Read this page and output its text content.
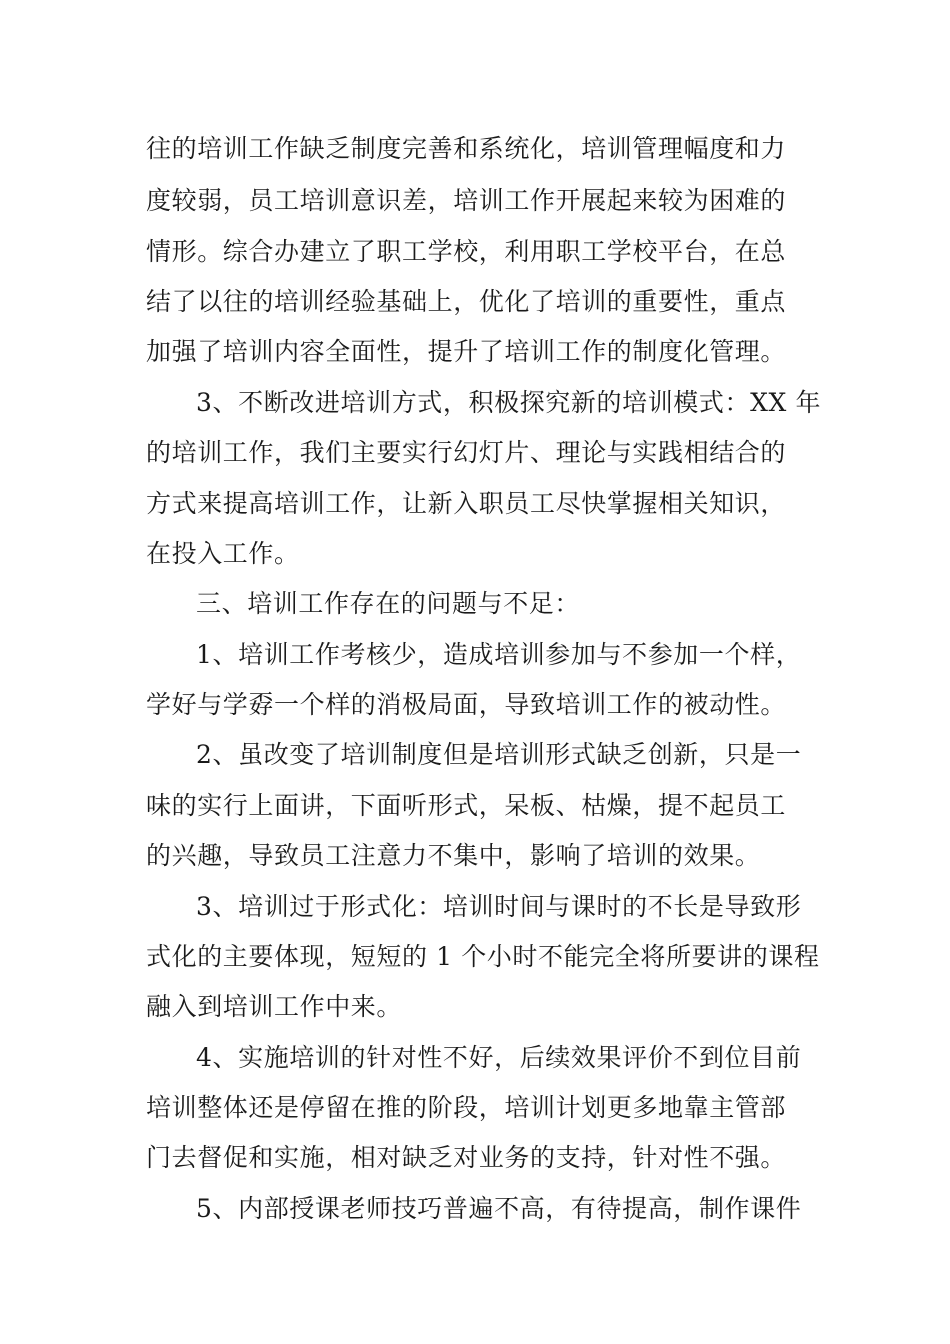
往的培训工作缺乏制度完善和系统化，培训管理幅度和力

度较弱，员工培训意识差，培训工作开展起来较为困难的

情形。综合办建立了职工学校，利用职工学校平台，在总

结了以往的培训经验基础上，优化了培训的重要性，重点

加强了培训内容全面性，提升了培训工作的制度化管理。

3、不断改进培训方式，积极探究新的培训模式：XX 年

的培训工作，我们主要实行幻灯片、理论与实践相结合的

方式来提高培训工作，让新入职员工尽快掌握相关知识，

在投入工作。

三、培训工作存在的问题与不足：

1、培训工作考核少，造成培训参加与不参加一个样，

学好与学孬一个样的消极局面，导致培训工作的被动性。

2、虽改变了培训制度但是培训形式缺乏创新，只是一

味的实行上面讲，下面听形式，呆板、枯燥，提不起员工

的兴趣，导致员工注意力不集中，影响了培训的效果。

3、培训过于形式化：培训时间与课时的不长是导致形

式化的主要体现，短短的 1 个小时不能完全将所要讲的课程

融入到培训工作中来。

4、实施培训的针对性不好，后续效果评价不到位目前

培训整体还是停留在推的阶段，培训计划更多地靠主管部

门去督促和实施，相对缺乏对业务的支持，针对性不强。

5、内部授课老师技巧普遍不高，有待提高，制作课件
